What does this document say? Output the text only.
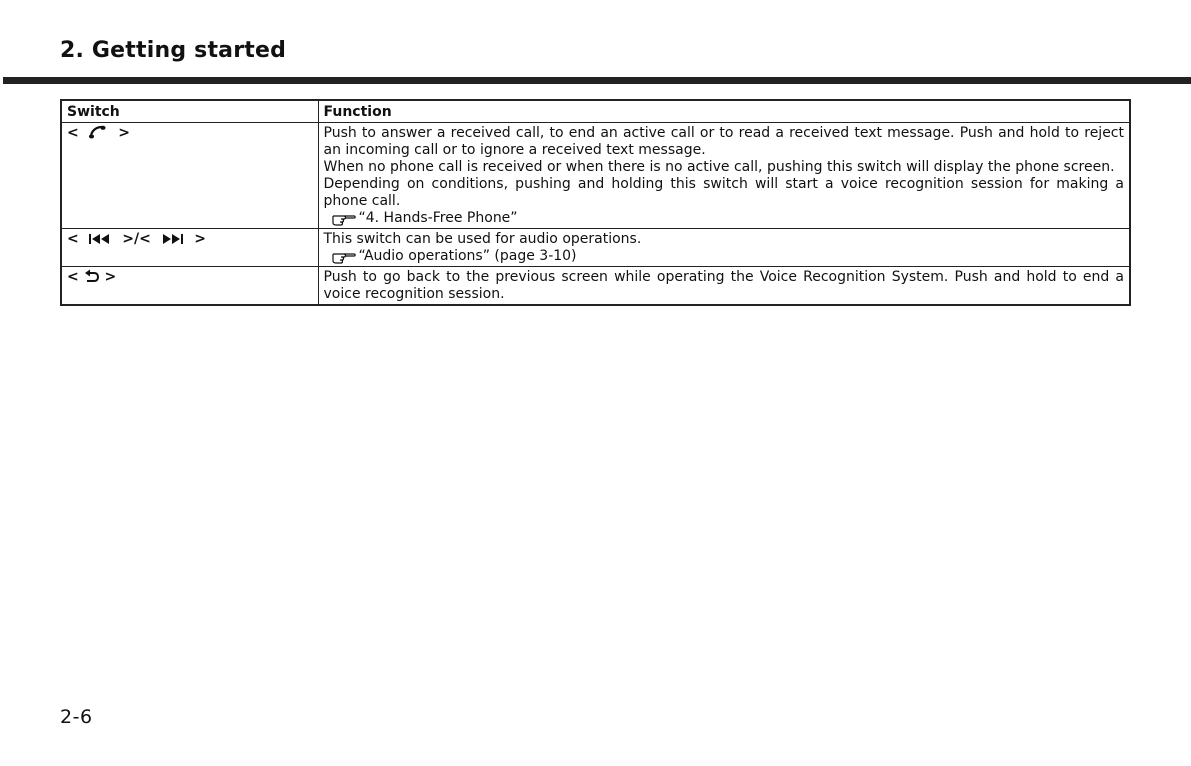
2. Getting started
Switch	Function
<    >	Push to answer a received call, to end an active call or to read a received text message. Push and hold to reject an incoming call or to ignore a received text message.
When no phone call is received or when there is no active call, pushing this switch will display the phone screen.
Depending on conditions, pushing and holding this switch will start a voice recognition session for making a phone call.
“4. Hands-Free Phone”
<    >/<    >	This switch can be used for audio operations.
“Audio operations” (page 3-10)
<  >	Push to go back to the previous screen while operating the Voice Recognition System. Push and hold to end a voice recognition session.
2-6
